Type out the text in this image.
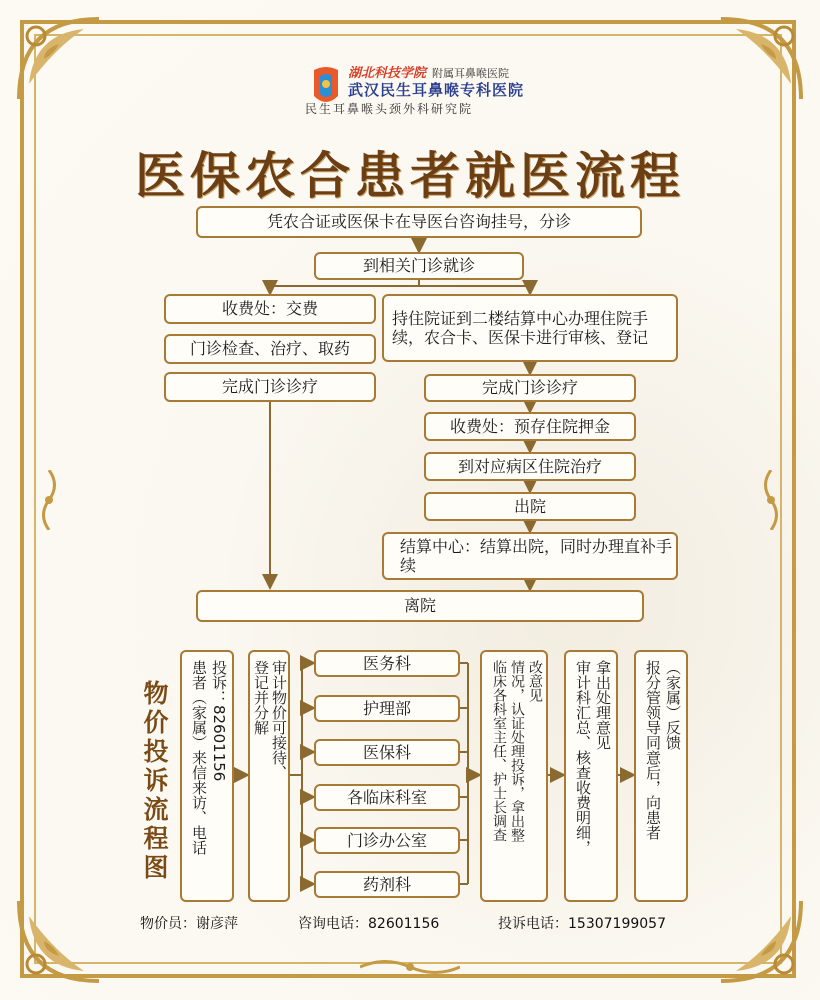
湖北科技学院 附属耳鼻喉医院
武汉民生耳鼻喉专科医院
民生耳鼻喉头颈外科研究院
医保农合患者就医流程
凭农合证或医保卡在导医台咨询挂号，分诊
到相关门诊就诊
收费处：交费
门诊检查、治疗、取药
完成门诊诊疗
持住院证到二楼结算中心办理住院手续，农合卡、医保卡进行审核、登记
完成门诊诊疗
收费处：预存住院押金
到对应病区住院治疗
出院
结算中心：结算出院，同时办理直补手续
离院
物价投诉流程图	投诉：82601156
患者（家属）来信来访、电话	审计物价可接待、
登记并分解	医务科
护理部
医保科
各临床科室
门诊办公室
药剂科
改意见
情况，认证处理投诉，拿出整
临床各科室主任、护士长调查	拿出处理意见
审计科汇总、核查收费明细，	（家属）反馈
报分管领导同意后，向患者
物价员：谢彦萍	咨询电话：82601156	投诉电话：15307199057
